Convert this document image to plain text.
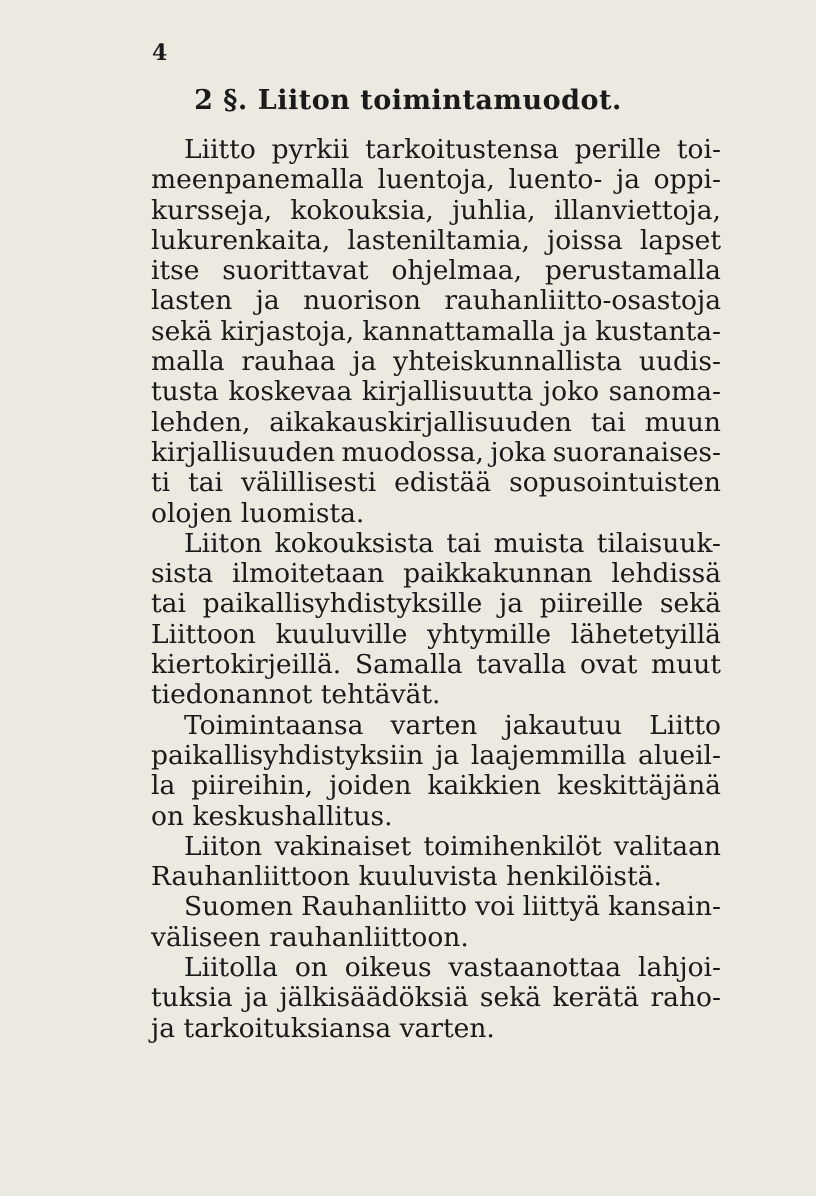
4
2 §. Liiton toimintamuodot.
Liitto pyrkii tarkoitustensa perille toi-
meenpanemalla luentoja, luento- ja oppi-
kursseja, kokouksia, juhlia, illanviettoja,
lukurenkaita, lasteniltamia, joissa lapset
itse suorittavat ohjelmaa, perustamalla
lasten ja nuorison rauhanliitto-osastoja
sekä kirjastoja, kannattamalla ja kustanta-
malla rauhaa ja yhteiskunnallista uudis-
tusta koskevaa kirjallisuutta joko sanoma-
lehden, aikakauskirjallisuuden tai muun
kirjallisuuden muodossa, joka suoranaises-
ti tai välillisesti edistää sopusointuisten
olojen luomista.
Liiton kokouksista tai muista tilaisuuk-
sista ilmoitetaan paikkakunnan lehdissä
tai paikallisyhdistyksille ja piireille sekä
Liittoon kuuluville yhtymille lähetetyillä
kiertokirjeillä. Samalla tavalla ovat muut
tiedonannot tehtävät.
Toimintaansa varten jakautuu Liitto
paikallisyhdistyksiin ja laajemmilla alueil-
la piireihin, joiden kaikkien keskittäjänä
on keskushallitus.
Liiton vakinaiset toimihenkilöt valitaan
Rauhanliittoon kuuluvista henkilöistä.
Suomen Rauhanliitto voi liittyä kansain-
väliseen rauhanliittoon.
Liitolla on oikeus vastaanottaa lahjoi-
tuksia ja jälkisäädöksiä sekä kerätä raho-
ja tarkoituksiansa varten.
